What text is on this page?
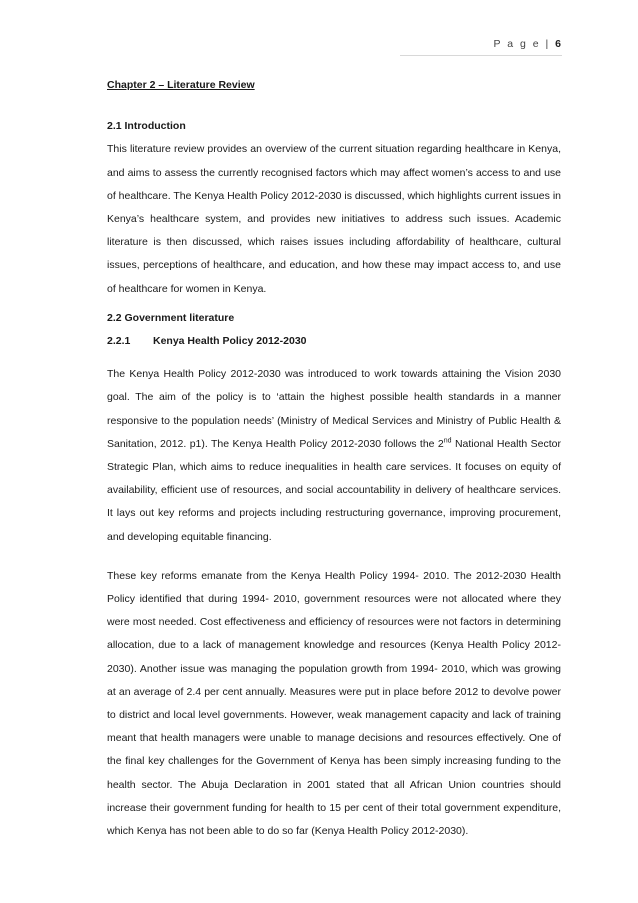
P a g e | 6

Chapter 2 – Literature Review

2.1 Introduction

This literature review provides an overview of the current situation regarding healthcare in Kenya, and aims to assess the currently recognised factors which may affect women’s access to and use of healthcare. The Kenya Health Policy 2012-2030 is discussed, which highlights current issues in Kenya’s healthcare system, and provides new initiatives to address such issues. Academic literature is then discussed, which raises issues including affordability of healthcare, cultural issues, perceptions of healthcare, and education, and how these may impact access to, and use of healthcare for women in Kenya.

2.2 Government literature

2.2.1	Kenya Health Policy 2012-2030

The Kenya Health Policy 2012-2030 was introduced to work towards attaining the Vision 2030 goal. The aim of the policy is to ‘attain the highest possible health standards in a manner responsive to the population needs’ (Ministry of Medical Services and Ministry of Public Health & Sanitation, 2012. p1). The Kenya Health Policy 2012-2030 follows the 2nd National Health Sector Strategic Plan, which aims to reduce inequalities in health care services. It focuses on equity of availability, efficient use of resources, and social accountability in delivery of healthcare services. It lays out key reforms and projects including restructuring governance, improving procurement, and developing equitable financing.

These key reforms emanate from the Kenya Health Policy 1994- 2010. The 2012-2030 Health Policy identified that during 1994- 2010, government resources were not allocated where they were most needed. Cost effectiveness and efficiency of resources were not factors in determining allocation, due to a lack of management knowledge and resources (Kenya Health Policy 2012-2030). Another issue was managing the population growth from 1994- 2010, which was growing at an average of 2.4 per cent annually. Measures were put in place before 2012 to devolve power to district and local level governments. However, weak management capacity and lack of training meant that health managers were unable to manage decisions and resources effectively. One of the final key challenges for the Government of Kenya has been simply increasing funding to the health sector. The Abuja Declaration in 2001 stated that all African Union countries should increase their government funding for health to 15 per cent of their total government expenditure, which Kenya has not been able to do so far (Kenya Health Policy 2012-2030).
